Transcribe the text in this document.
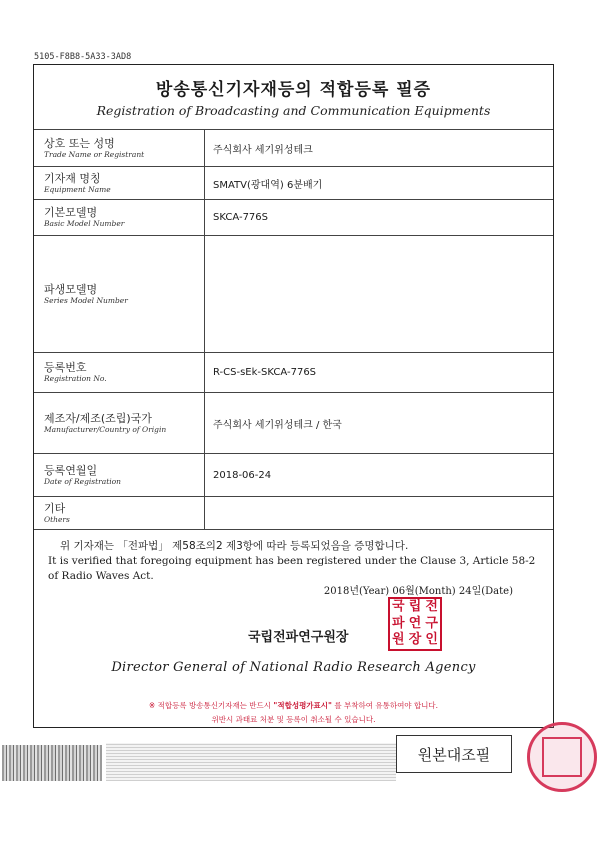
5105-F8B8-5A33-3AD8
방송통신기자재등의 적합등록 필증
Registration of Broadcasting and Communication Equipments
상호 또는 성명
Trade Name or Registrant	주식회사 세기위성테크

기자재 명칭
Equipment Name	SMATV(광대역) 6분배기

기본모델명
Basic Model Number	SKCA-776S

파생모델명
Series Model Number	

등록번호
Registration No.	R-CS-sEk-SKCA-776S

제조자/제조(조립)국가
Manufacturer/Country of Origin	주식회사 세기위성테크 / 한국

등록연월일
Date of Registration	2018-06-24

기타
Others	

위 기자재는 「전파법」 제58조의2 제3항에 따라 등록되었음을 증명합니다.
It is verified that foregoing equipment has been registered under the Clause 3, Article 58-2 of Radio Waves Act.
2018년(Year) 06월(Month) 24일(Date)
국립전파연구원장
국 립 전
파 연 구
원 장 인
Director General of National Radio Research Agency
※ 적합등록 방송통신기자재는 반드시 "적합성평가표시" 를 부착하여 유통하여야 합니다.
위반시 과태료 처분 및 등록이 취소될 수 있습니다.
원본대조필
